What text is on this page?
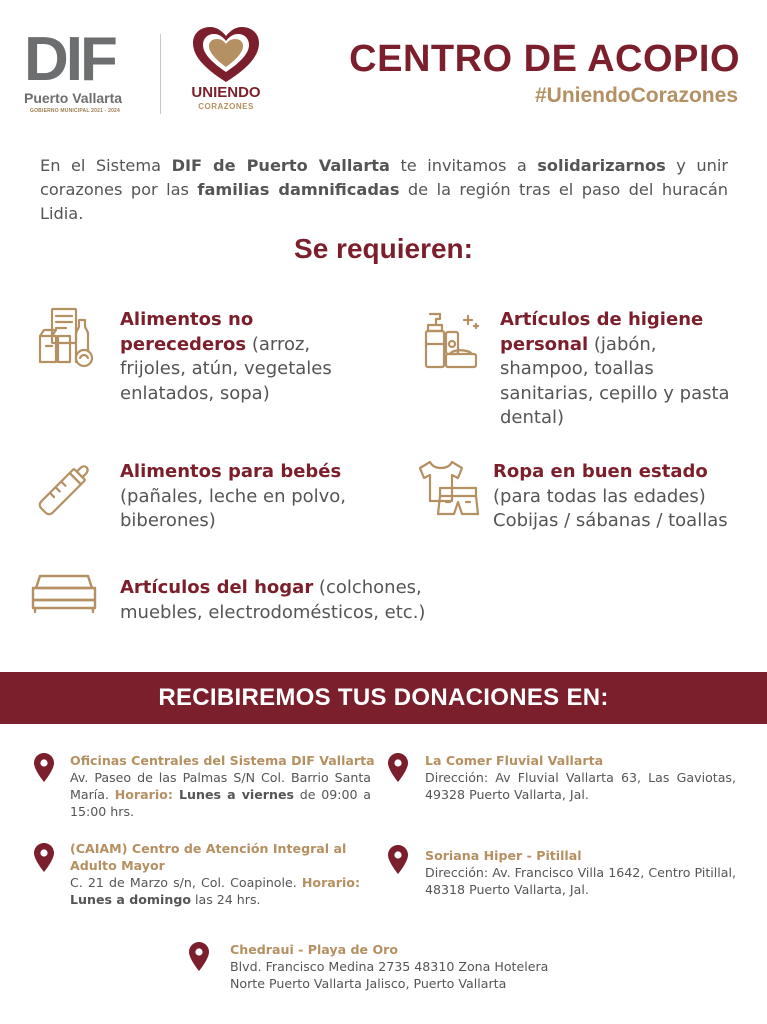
DIF
Puerto Vallarta
GOBIERNO MUNICIPAL 2021 - 2024
UNIENDO
CORAZONES
CENTRO DE ACOPIO
#UniendoCorazones

En el Sistema DIF de Puerto Vallarta te invitamos a solidarizarnos y unir corazones por las familias damnificadas de la región tras el paso del huracán Lidia.

Se requieren:

Alimentos no perecederos (arroz, frijoles, atún, vegetales enlatados, sopa)

Artículos de higiene personal (jabón, shampoo, toallas sanitarias, cepillo y pasta dental)

Alimentos para bebés
(pañales, leche en polvo, biberones)

Ropa en buen estado
(para todas las edades) Cobijas / sábanas / toallas

Artículos del hogar (colchones, muebles, electrodomésticos, etc.)

RECIBIREMOS TUS DONACIONES EN:
Oficinas Centrales del Sistema DIF Vallarta

Av. Paseo de las Palmas S/N Col. Barrio Santa María. Horario: Lunes a viernes de 09:00 a 15:00 hrs.

La Comer Fluvial Vallarta

Dirección: Av Fluvial Vallarta 63, Las Gaviotas, 49328 Puerto Vallarta, Jal.

(CAIAM) Centro de Atención Integral al
Adulto Mayor

C. 21 de Marzo s/n, Col. Coapinole. Horario: Lunes a domingo las 24 hrs.

Soriana Hiper - Pitillal

Dirección: Av. Francisco Villa 1642, Centro Pitillal, 48318 Puerto Vallarta, Jal.

Chedraui - Playa de Oro
Blvd. Francisco Medina 2735 48310 Zona Hotelera
Norte Puerto Vallarta Jalisco, Puerto Vallarta
